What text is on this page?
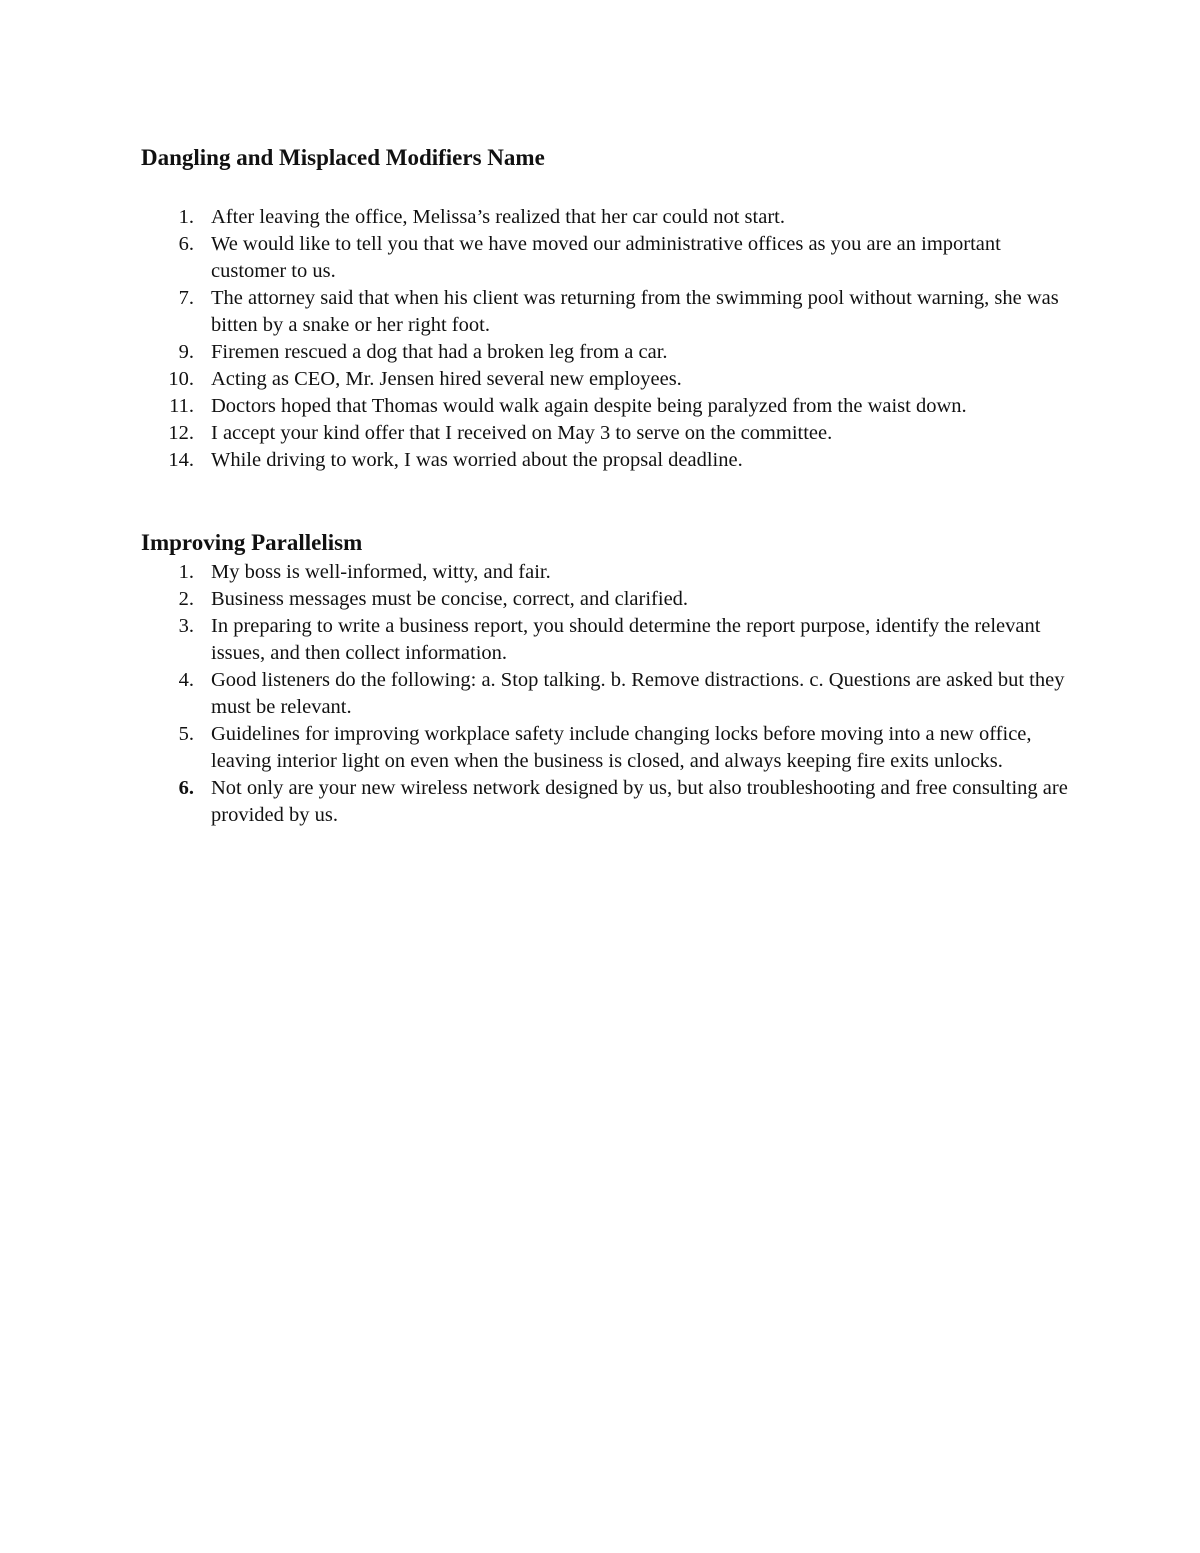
Dangling and Misplaced Modifiers Name
1. After leaving the office, Melissa’s realized that her car could not start.
6. We would like to tell you that we have moved our administrative offices as you are an important customer to us.
7. The attorney said that when his client was returning from the swimming pool without warning, she was bitten by a snake or her right foot.
9. Firemen rescued a dog that had a broken leg from a car.
10. Acting as CEO, Mr. Jensen hired several new employees.
11. Doctors hoped that Thomas would walk again despite being paralyzed from the waist down.
12. I accept your kind offer that I received on May 3 to serve on the committee.
14. While driving to work, I was worried about the propsal deadline.
Improving Parallelism
1. My boss is well-informed, witty, and fair.
2. Business messages must be concise, correct, and clarified.
3. In preparing to write a business report, you should determine the report purpose, identify the relevant issues, and then collect information.
4. Good listeners do the following: a. Stop talking. b. Remove distractions. c. Questions are asked but they must be relevant.
5. Guidelines for improving workplace safety include changing locks before moving into a new office, leaving interior light on even when the business is closed, and always keeping fire exits unlocks.
6. Not only are your new wireless network designed by us, but also troubleshooting and free consulting are provided by us.
